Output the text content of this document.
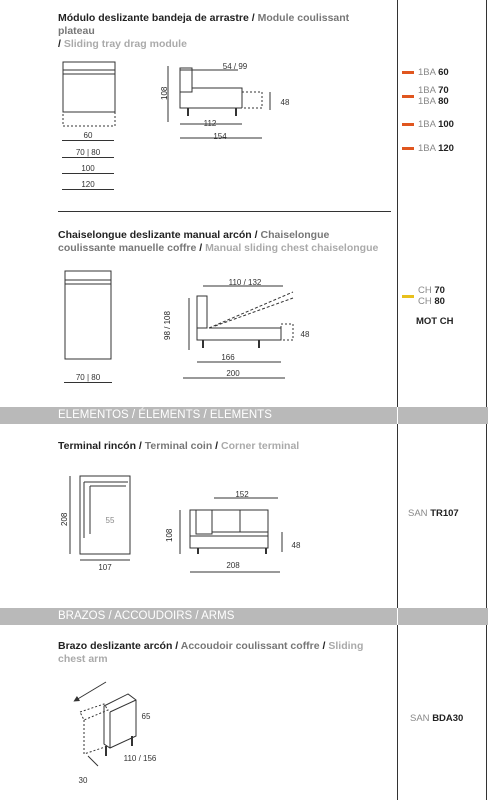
Módulo deslizante bandeja de arrastre / Module coulissant plateau
/ Sliding tray drag module
60
70 | 80
100
120
54 / 99
108
48
112
154
1BA 60
1BA 70
1BA 80
1BA 100
1BA 120
Chaiselongue deslizante manual arcón / Chaiselongue coulissante manuelle coffre / Manual sliding chest chaiselongue
70 | 80
110 / 132
98 / 108	48
166
200
CH 70
CH 80
MOT CH
ELEMENTOS / ÉLEMENTS / ELEMENTS
Terminal rincón / Terminal coin / Corner terminal
208	55
107
152
108
48
208
SAN TR107
BRAZOS / ACCOUDOIRS / ARMS
Brazo deslizante arcón / Accoudoir coulissant coffre / Sliding chest arm
65
110 / 156
30
SAN BDA30
